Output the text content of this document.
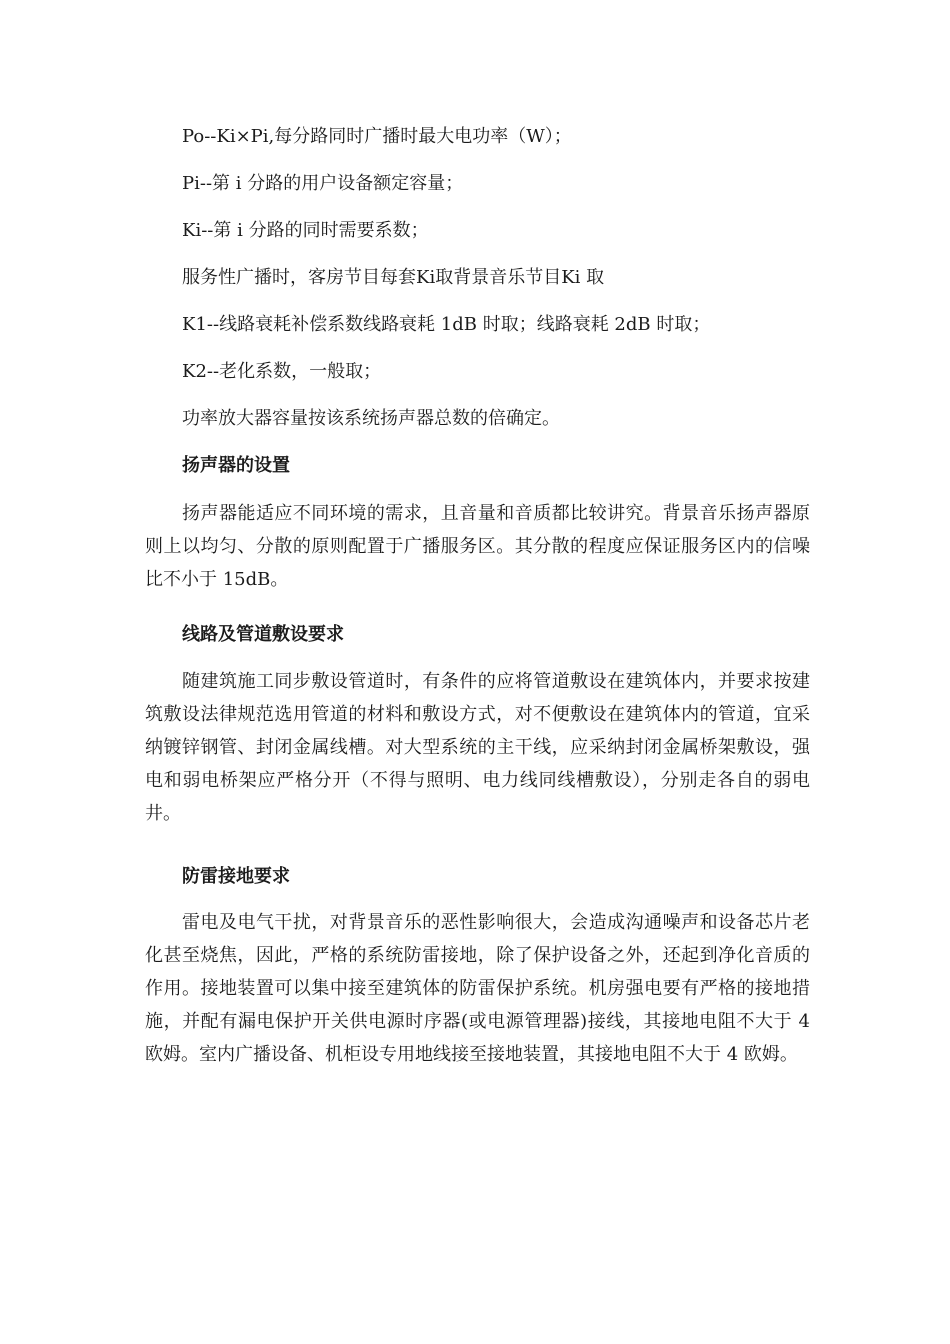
Po--Ki×Pi,每分路同时广播时最大电功率（W）；
Pi--第 i 分路的用户设备额定容量；
Ki--第 i 分路的同时需要系数；
服务性广播时，客房节目每套Ki取背景音乐节目Ki 取
K1--线路衰耗补偿系数线路衰耗 1dB 时取；线路衰耗 2dB 时取；
K2--老化系数，一般取；
功率放大器容量按该系统扬声器总数的倍确定。
扬声器的设置

扬声器能适应不同环境的需求，且音量和音质都比较讲究。背景音乐扬声器原则上以均匀、分散的原则配置于广播服务区。其分散的程度应保证服务区内的信噪比不小于 15dB。

线路及管道敷设要求

随建筑施工同步敷设管道时，有条件的应将管道敷设在建筑体内，并要求按建筑敷设法律规范选用管道的材料和敷设方式，对不便敷设在建筑体内的管道，宜采纳镀锌钢管、封闭金属线槽。对大型系统的主干线，应采纳封闭金属桥架敷设，强电和弱电桥架应严格分开（不得与照明、电力线同线槽敷设），分别走各自的弱电井。

防雷接地要求

雷电及电气干扰，对背景音乐的恶性影响很大，会造成沟通噪声和设备芯片老化甚至烧焦，因此，严格的系统防雷接地，除了保护设备之外，还起到净化音质的作用。接地装置可以集中接至建筑体的防雷保护系统。机房强电要有严格的接地措施，并配有漏电保护开关供电源时序器(或电源管理器)接线，其接地电阻不大于 4 欧姆。室内广播设备、机柜设专用地线接至接地装置，其接地电阻不大于 4 欧姆。
